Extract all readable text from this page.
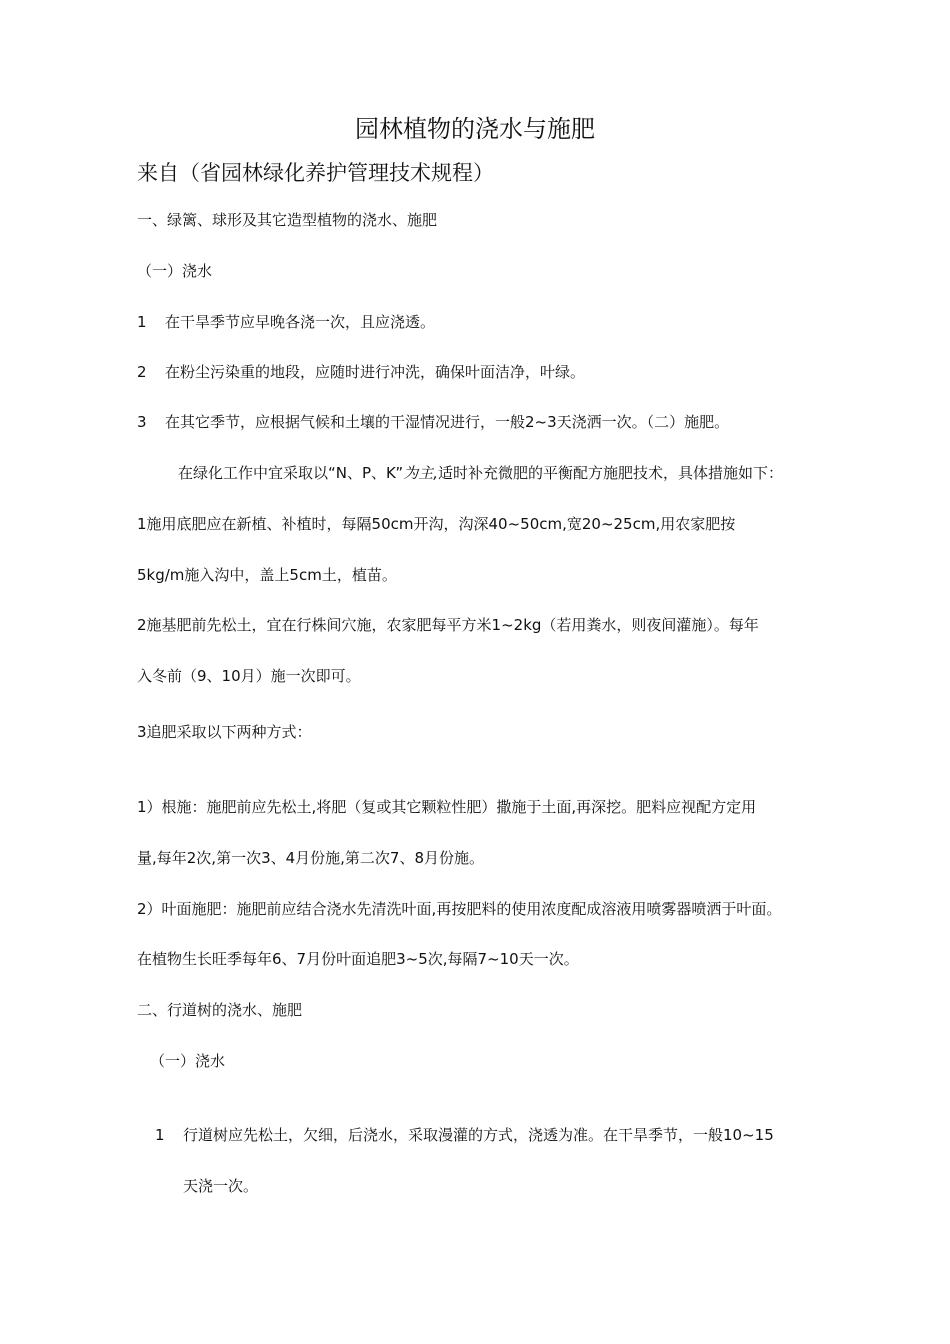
园林植物的浇水与施肥
来自（省园林绿化养护管理技术规程）
一、绿篱、球形及其它造型植物的浇水、施肥
（一）浇水
1 在干旱季节应早晚各浇一次，且应浇透。
2 在粉尘污染重的地段，应随时进行冲洗，确保叶面洁净，叶绿。
3 在其它季节，应根据气候和土壤的干湿情况进行，一般2~3天浇洒一次。（二）施肥。
在绿化工作中宜采取以“N、P、K”为主,适时补充微肥的平衡配方施肥技术，具体措施如下：
1施用底肥应在新植、补植时，每隔50cm开沟，沟深40~50cm,宽20~25cm,用农家肥按
5kg/m施入沟中，盖上5cm土，植苗。
2施基肥前先松土，宜在行株间穴施，农家肥每平方米1~2kg（若用粪水，则夜间灌施）。每年
入冬前（9、10月）施一次即可。
3追肥采取以下两种方式：
1）根施：施肥前应先松土,将肥（复或其它颗粒性肥）撒施于土面,再深挖。肥料应视配方定用
量,每年2次,第一次3、4月份施,第二次7、8月份施。
2）叶面施肥：施肥前应结合浇水先清洗叶面,再按肥料的使用浓度配成溶液用喷雾器喷洒于叶面。
在植物生长旺季每年6、7月份叶面追肥3~5次,每隔7~10天一次。
二、行道树的浇水、施肥
（一）浇水
1 行道树应先松土，欠细，后浇水，采取漫灌的方式，浇透为准。在干旱季节，一般10~15
天浇一次。
